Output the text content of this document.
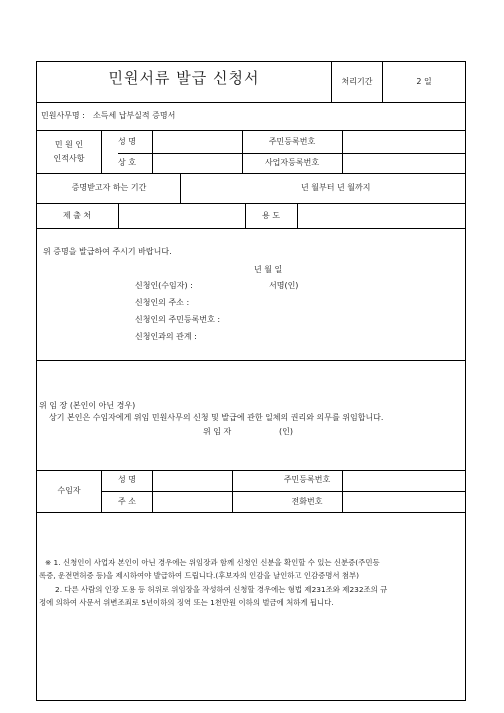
민원서류 발급 신청서	처리기간	2 일
민원사무명 : 소득세 납부실적 증명서
민 원 인
인적사항
성 명	주민등록번호
상 호	사업자등록번호
증명받고자 하는 기간	년 월부터 년 월까지
제 출 처	용 도
위 증명을 발급하여 주시기 바랍니다.
년 월 일
신청인(수임자) :	서명(인)
신청인의 주소 :
신청인의 주민등록번호 :
신청인과의 관계 :
위 임 장 (본인이 아닌 경우)
상기 본인은 수임자에게 위임 민원사무의 신청 및 발급에 관한 일체의 권리와 의무를 위임합니다.
위 임 자	(인)
수임자
성 명	주민등록번호
주 소	전화번호
※ 1. 신청인이 사업자 본인이 아닌 경우에는 위임장과 함께 신청인 신분을 확인할 수 있는 신분증(주민등
록증, 운전면허증 등)을 제시하여야 발급하여 드립니다.(후보자의 인감을 날인하고 인감증명서 첨부)
2. 다른 사람의 인장 도용 등 허위로 위임장을 작성하여 신청할 경우에는 형법 제231조와 제232조의 규
정에 의하여 사문서 위변조죄로 5년이하의 징역 또는 1천만원 이하의 벌금에 처하게 됩니다.
